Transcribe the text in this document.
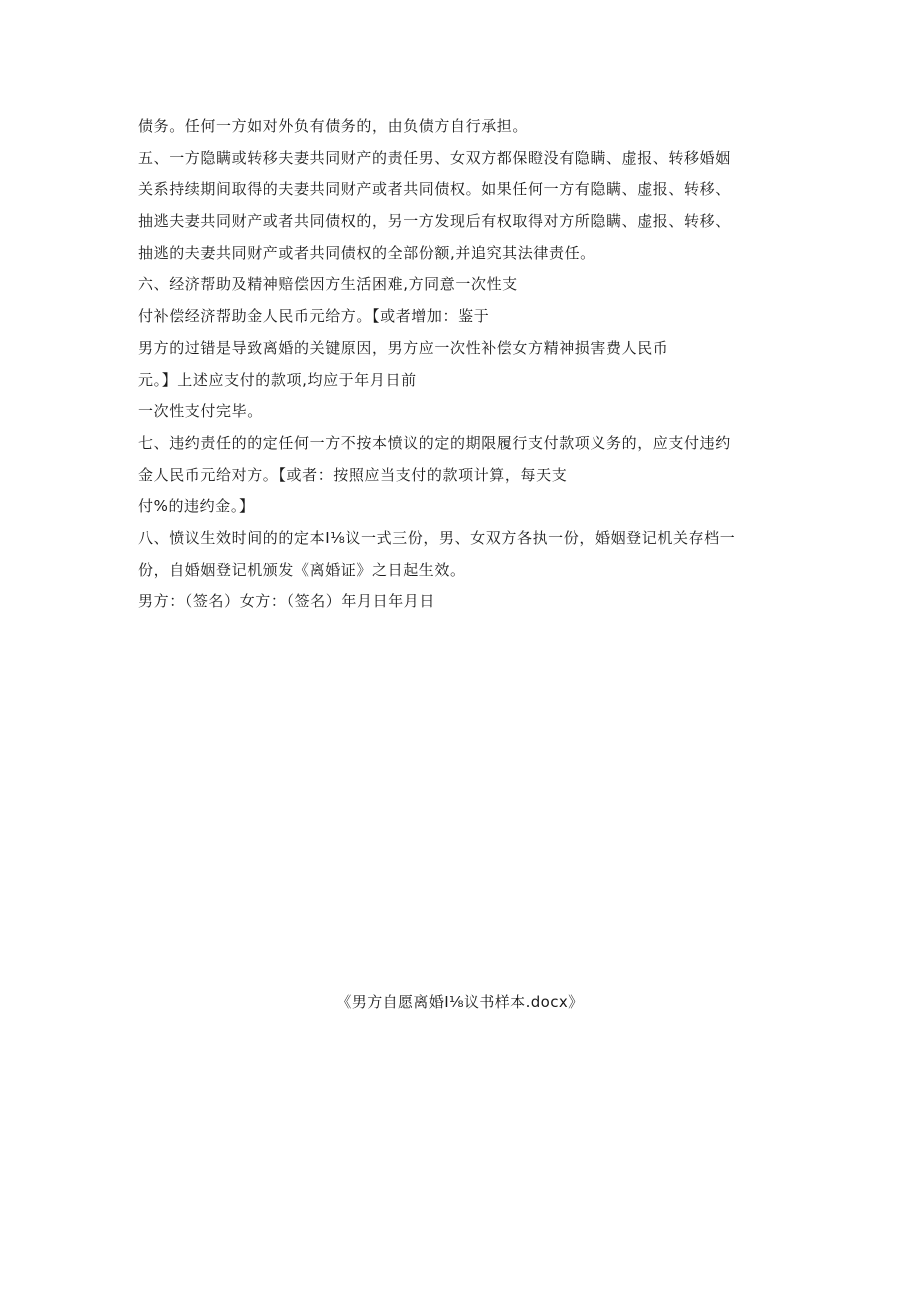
债务。任何一方如对外负有债务的，由负债方自行承担。
五、一方隐瞒或转移夫妻共同财产的责任男、女双方都保瞪没有隐瞒、虚报、转移婚姻
关系持续期间取得的夫妻共同财产或者共同债权。如果任何一方有隐瞒、虚报、转移、
抽逃夫妻共同财产或者共同债权的，另一方发现后有权取得对方所隐瞒、虚报、转移、
抽逃的夫妻共同财产或者共同债权的全部份额,并追究其法律责任。
六、经济帮助及精神赔偿因方生活困难,方同意一次性支
付补偿经济帮助金人民币元给方。【或者增加：鉴于
男方的过错是导致离婚的关键原因，男方应一次性补偿女方精神损害费人民币
元。】上述应支付的款项,均应于年月日前
一次性支付完毕。
七、违约责任的的定任何一方不按本愤议的定的期限履行支付款项义务的，应支付违约
金人民币元给对方。【或者：按照应当支付的款项计算，每天支
付%的违约金。】
八、愤议生效时间的的定本I⅛议一式三份，男、女双方各执一份，婚姻登记机关存档一
份，自婚姻登记机颁发《离婚证》之日起生效。
男方：（签名）女方：（签名）年月日年月日
《男方自愿离婚I⅛议书样本.docx》
